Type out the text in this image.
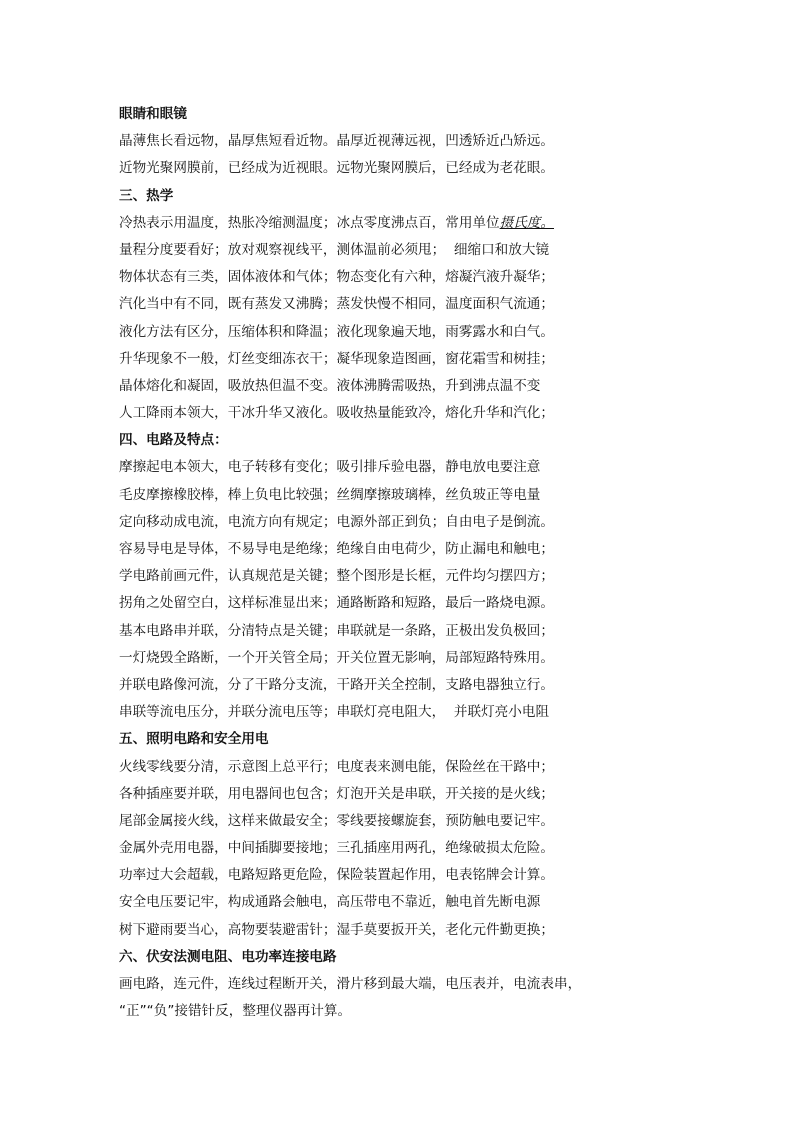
眼睛和眼镜
晶薄焦长看远物，晶厚焦短看近物。晶厚近视薄远视，凹透矫近凸矫远。
近物光聚网膜前，已经成为近视眼。远物光聚网膜后，已经成为老花眼。
三、热学
冷热表示用温度，热胀冷缩测温度；冰点零度沸点百，常用单位摄氏度。
量程分度要看好；放对观察视线平，测体温前必须甩；  细缩口和放大镜
物体状态有三类，固体液体和气体；物态变化有六种，熔凝汽液升凝华；
汽化当中有不同，既有蒸发又沸腾；蒸发快慢不相同，温度面积气流通；
液化方法有区分，压缩体积和降温；液化现象遍天地，雨雾露水和白气。
升华现象不一般，灯丝变细冻衣干；凝华现象造图画，窗花霜雪和树挂；
晶体熔化和凝固，吸放热但温不变。液体沸腾需吸热，升到沸点温不变
人工降雨本领大，干冰升华又液化。吸收热量能致冷，熔化升华和汽化；
四、电路及特点：
摩擦起电本领大，电子转移有变化；吸引排斥验电器，静电放电要注意
毛皮摩擦橡胶棒，棒上负电比较强；丝绸摩擦玻璃棒，丝负玻正等电量
定向移动成电流，电流方向有规定；电源外部正到负；自由电子是倒流。
容易导电是导体，不易导电是绝缘；绝缘自由电荷少，防止漏电和触电；
学电路前画元件，认真规范是关键；整个图形是长框，元件均匀摆四方；
拐角之处留空白，这样标准显出来；通路断路和短路，最后一路烧电源。
基本电路串并联，分清特点是关键；串联就是一条路，正极出发负极回；
一灯烧毁全路断，一个开关管全局；开关位置无影响，局部短路特殊用。
并联电路像河流，分了干路分支流，干路开关全控制，支路电器独立行。
串联等流电压分，并联分流电压等；串联灯亮电阻大，  并联灯亮小电阻
五、照明电路和安全用电
火线零线要分清，示意图上总平行；电度表来测电能，保险丝在干路中；
各种插座要并联，用电器间也包含；灯泡开关是串联，开关接的是火线；
尾部金属接火线，这样来做最安全；零线要接螺旋套，预防触电要记牢。
金属外壳用电器，中间插脚要接地；三孔插座用两孔，绝缘破损太危险。
功率过大会超载，电路短路更危险，保险装置起作用，电表铭牌会计算。
安全电压要记牢，构成通路会触电，高压带电不靠近，触电首先断电源
树下避雨要当心，高物要装避雷针；湿手莫要扳开关，老化元件勤更换；
六、伏安法测电阻、电功率连接电路
画电路，连元件，连线过程断开关，滑片移到最大端，电压表并，电流表串，
“正”“负”接错针反，整理仪器再计算。
